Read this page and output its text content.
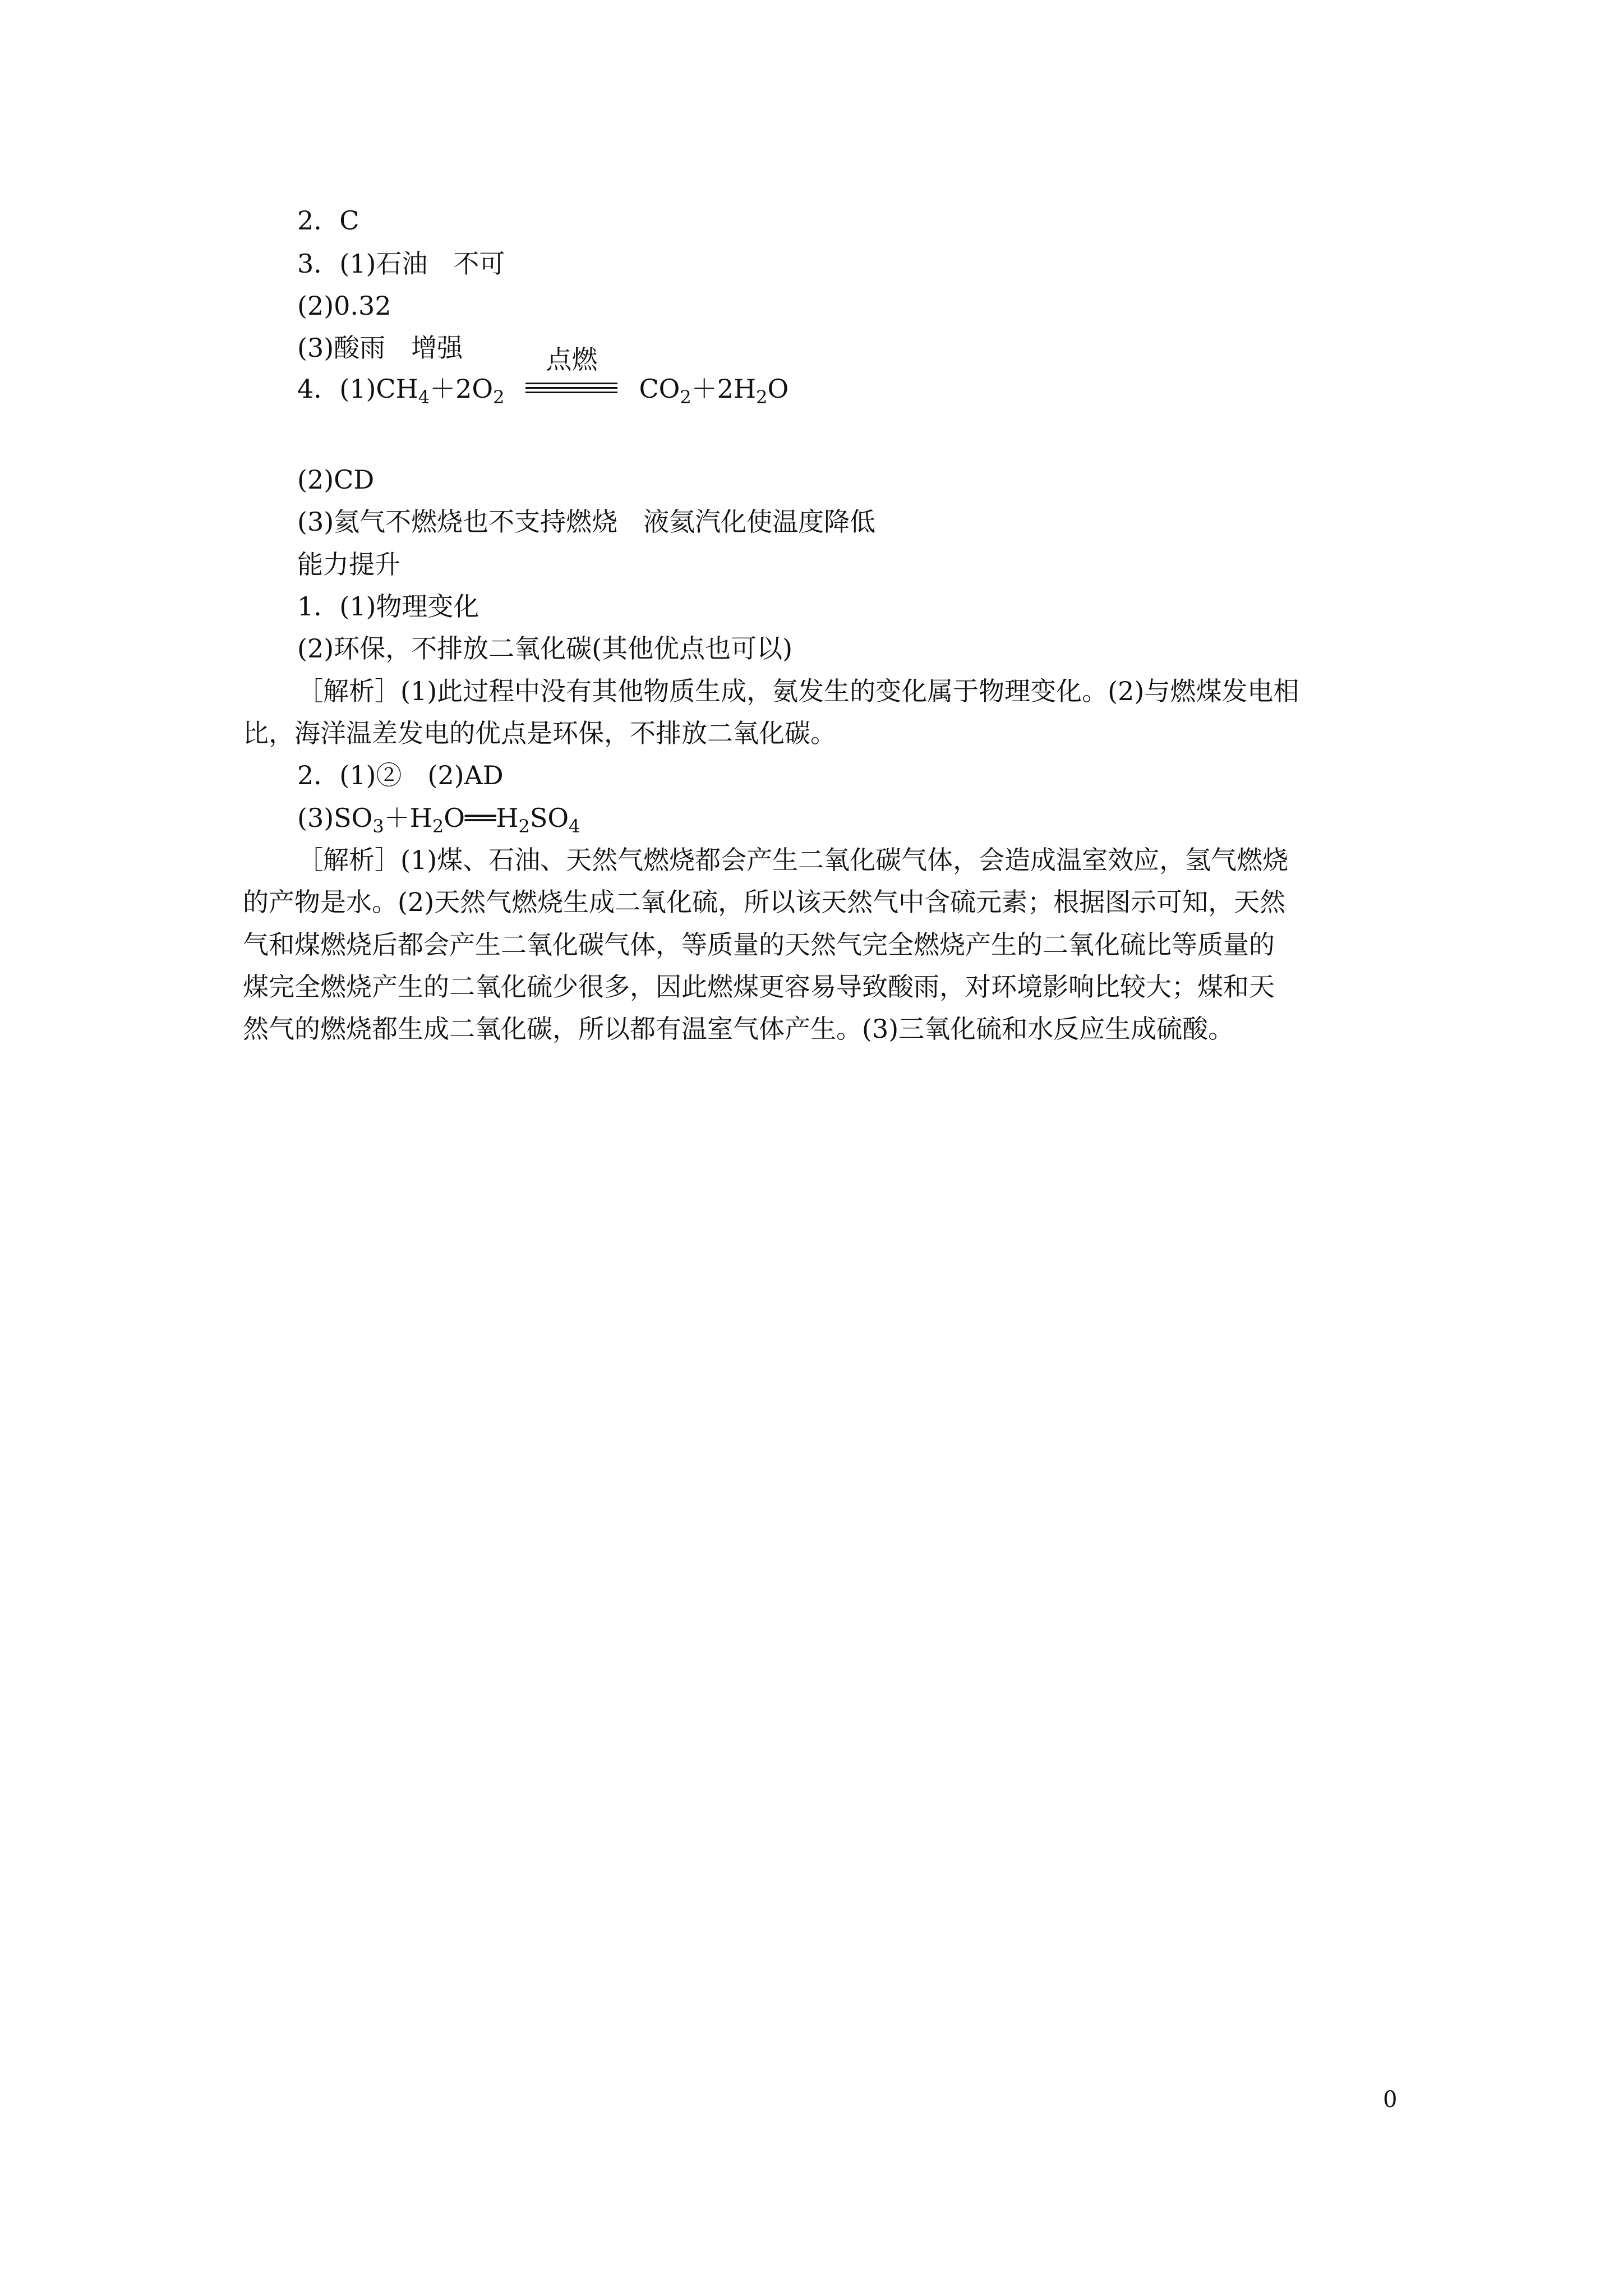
2．C
3．(1)石油　不可
(2)0.32
(3)酸雨　增强
4．$(1)CH_4+2O_2$
点燃
$CO_2+2H_2O$
(2)CD
(3)氦气不燃烧也不支持燃烧　液氦汽化使温度降低
能力提升
1．(1)物理变化
(2)环保，不排放二氧化碳(其他优点也可以)
［解析］(1)此过程中没有其他物质生成，氨发生的变化属于物理变化。(2)与燃煤发电相
比，海洋温差发电的优点是环保，不排放二氧化碳。
2．(1)②　(2)AD
$(3)SO_3+H_2O══H_2SO_4$
［解析］(1)煤、石油、天然气燃烧都会产生二氧化碳气体，会造成温室效应，氢气燃烧
的产物是水。(2)天然气燃烧生成二氧化硫，所以该天然气中含硫元素；根据图示可知，天然
气和煤燃烧后都会产生二氧化碳气体，等质量的天然气完全燃烧产生的二氧化硫比等质量的
煤完全燃烧产生的二氧化硫少很多，因此燃煤更容易导致酸雨，对环境影响比较大；煤和天
然气的燃烧都生成二氧化碳，所以都有温室气体产生。(3)三氧化硫和水反应生成硫酸。
0
